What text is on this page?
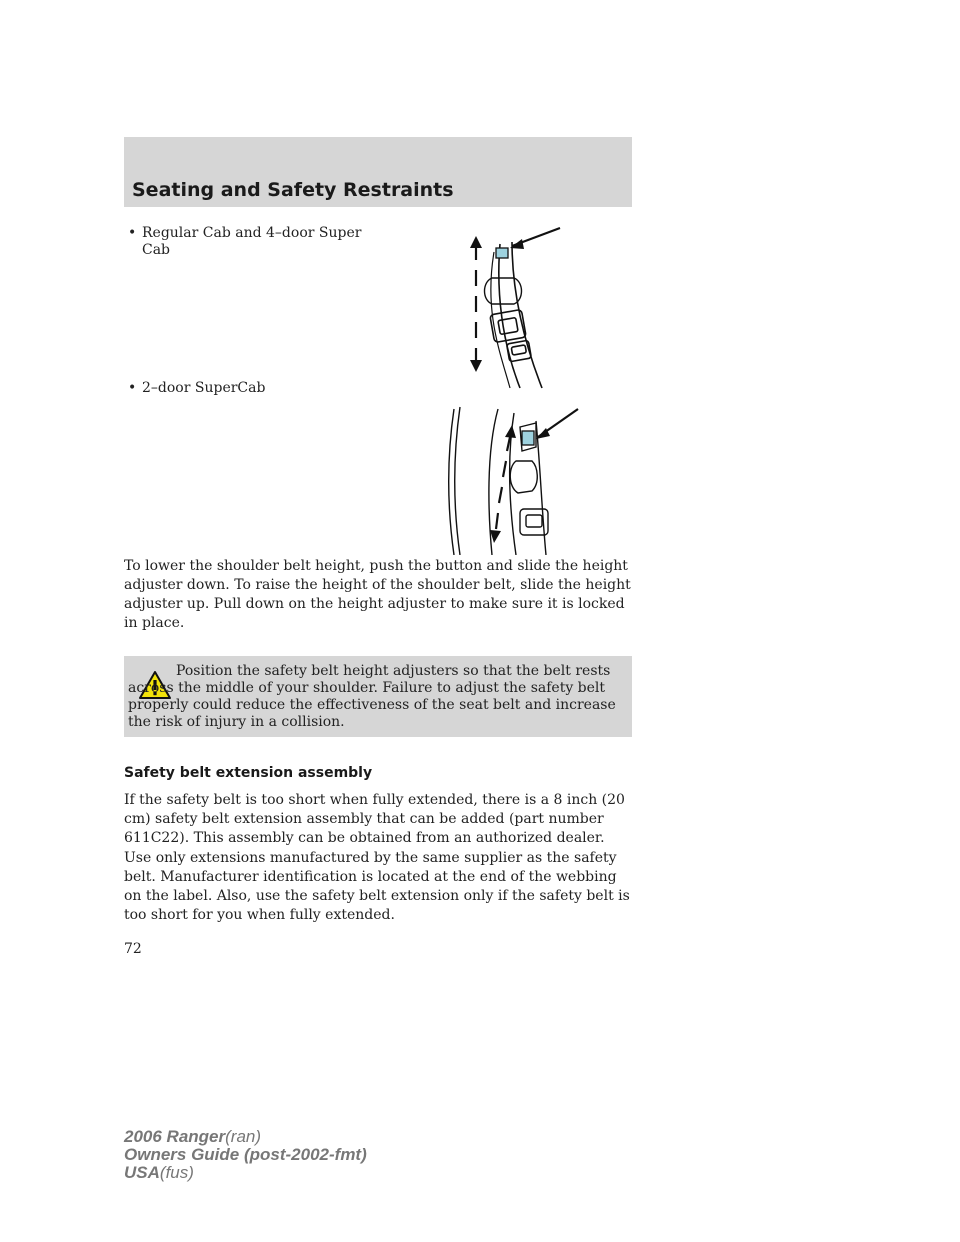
Seating and Safety Restraints
• Regular Cab and 4–door Super Cab
• 2–door SuperCab

To lower the shoulder belt height, push the button and slide the height adjuster down. To raise the height of the shoulder belt, slide the height adjuster up. Pull down on the height adjuster to make sure it is locked in place.

Position the safety belt height adjusters so that the belt rests across the middle of your shoulder. Failure to adjust the safety belt properly could reduce the effectiveness of the seat belt and increase the risk of injury in a collision.

Safety belt extension assembly

If the safety belt is too short when fully extended, there is a 8 inch (20 cm) safety belt extension assembly that can be added (part number 611C22). This assembly can be obtained from an authorized dealer.

Use only extensions manufactured by the same supplier as the safety belt. Manufacturer identification is located at the end of the webbing on the label. Also, use the safety belt extension only if the safety belt is too short for you when fully extended.

72
2006 Ranger(ran)
Owners Guide (post-2002-fmt)
USA(fus)
